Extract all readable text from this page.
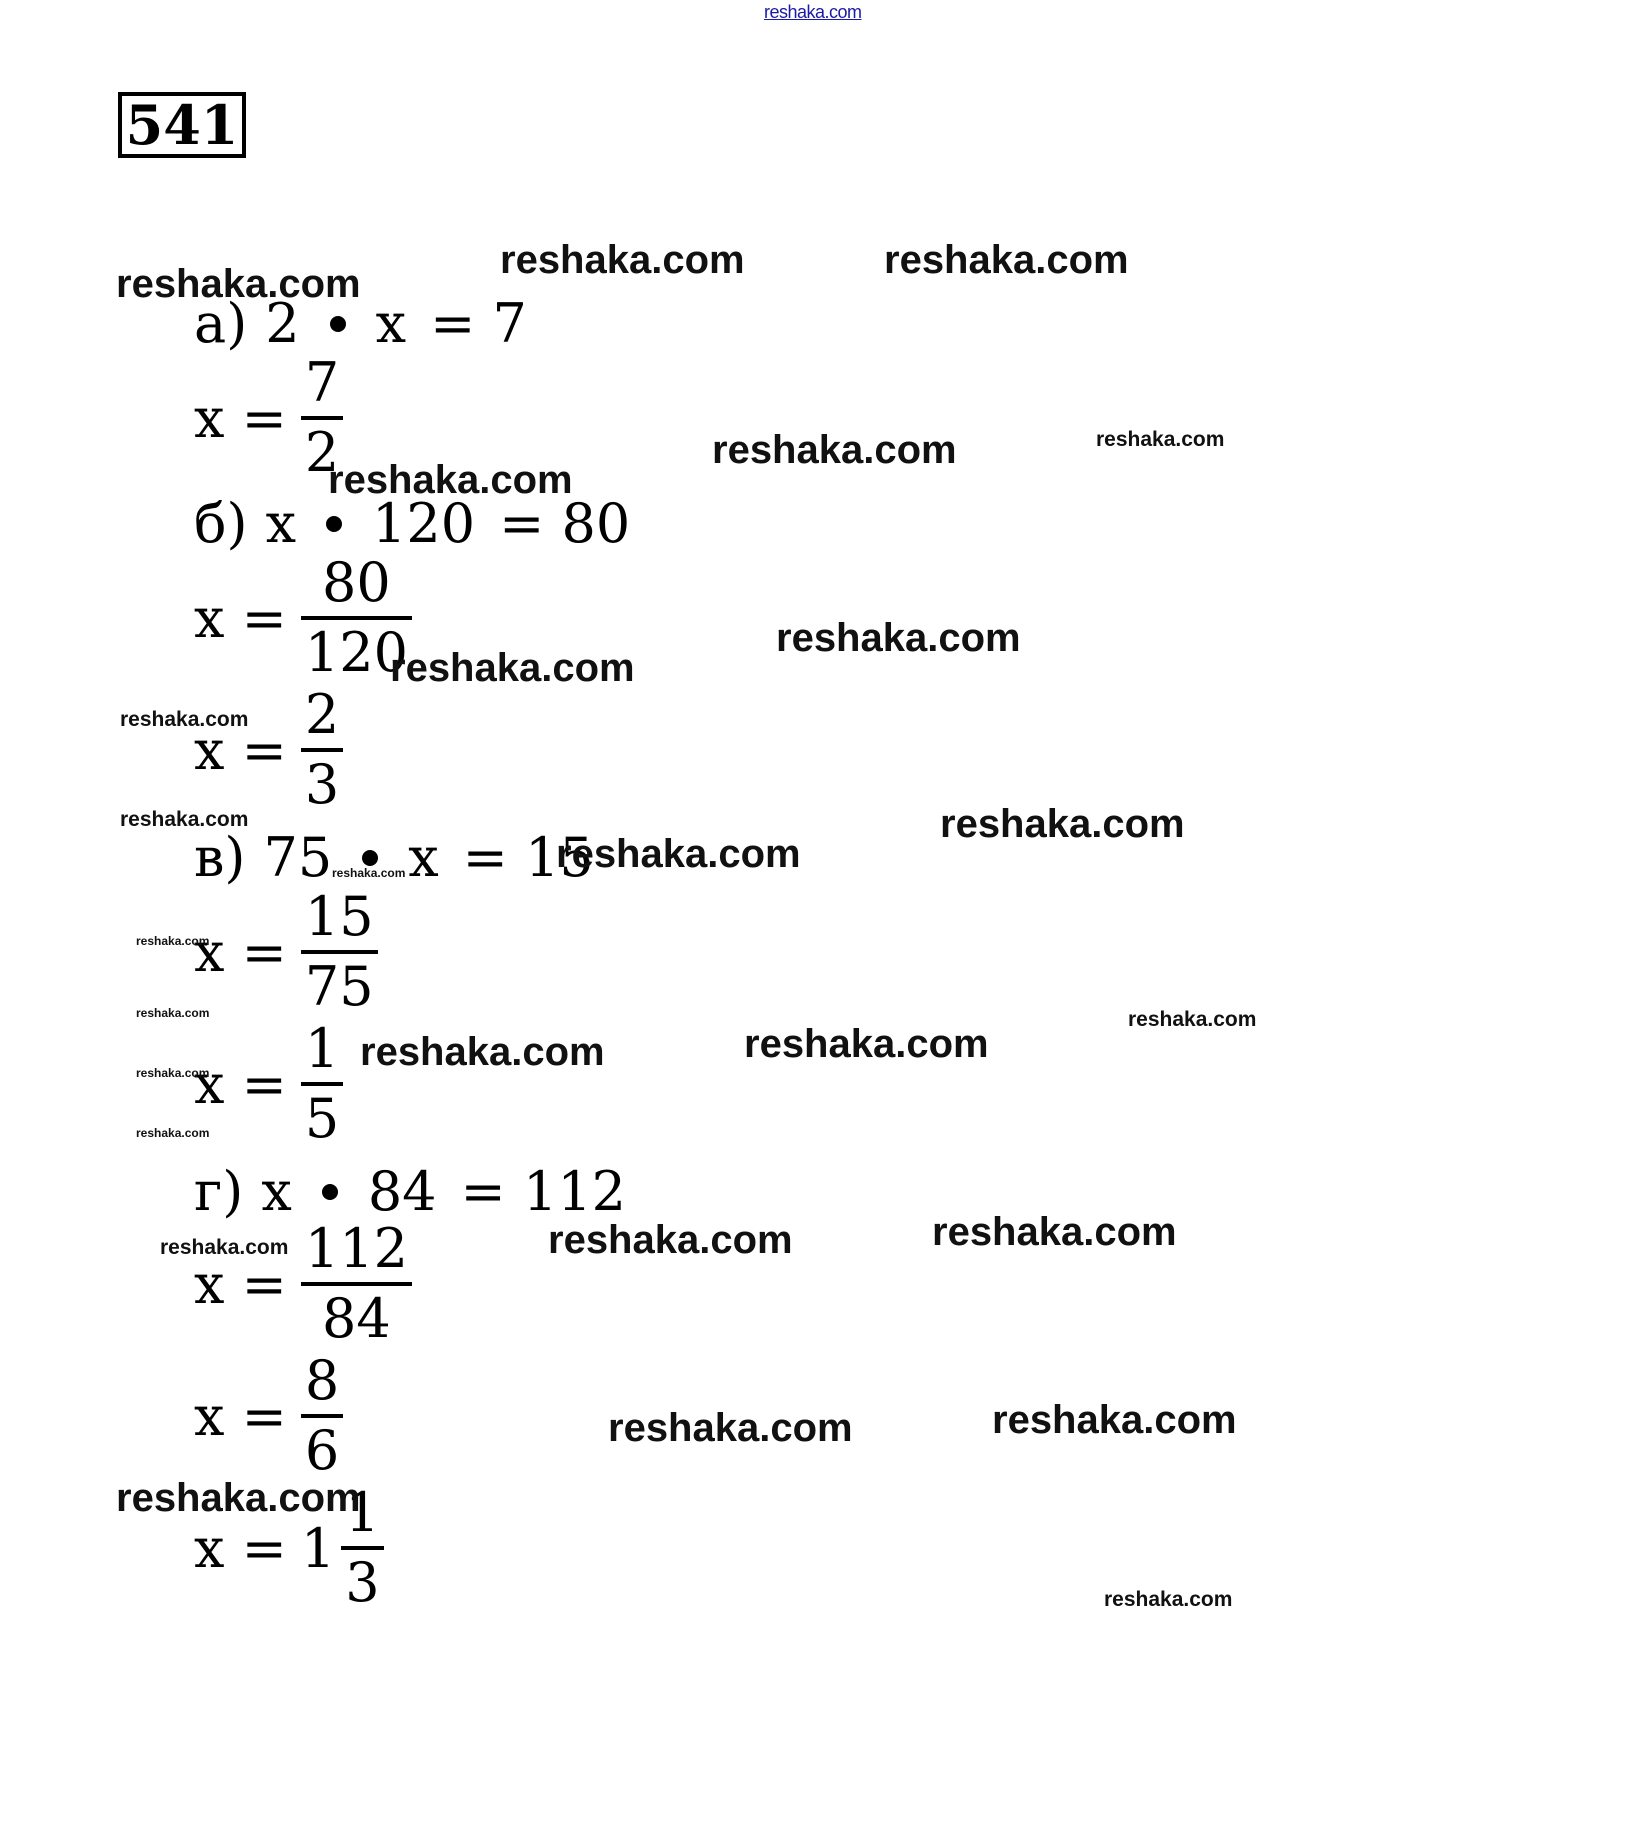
reshaka.com
541
а) 2 x = 7
$x = \frac{7}{2}$
б) x 120 = 80
$x = \frac{80}{120}$
$x = \frac{2}{3}$
в) 75 x = 15
$x = \frac{15}{75}$
$x = \frac{1}{5}$
г) x 84 = 112
$x = \frac{112}{84}$
$x = \frac{8}{6}$
$x = 1 \frac{1}{3}$
reshaka.com
reshaka.com	reshaka.com
reshaka.com	reshaka.com
reshaka.com
reshaka.com
reshaka.com
reshaka.com
reshaka.com	reshaka.com
reshaka.com
reshaka.com
reshaka.com
reshaka.com	reshaka.com
reshaka.com
reshaka.com
reshaka.com
reshaka.com
reshaka.com
reshaka.com
reshaka.com
reshaka.com
reshaka.com
reshaka.com
reshaka.com
